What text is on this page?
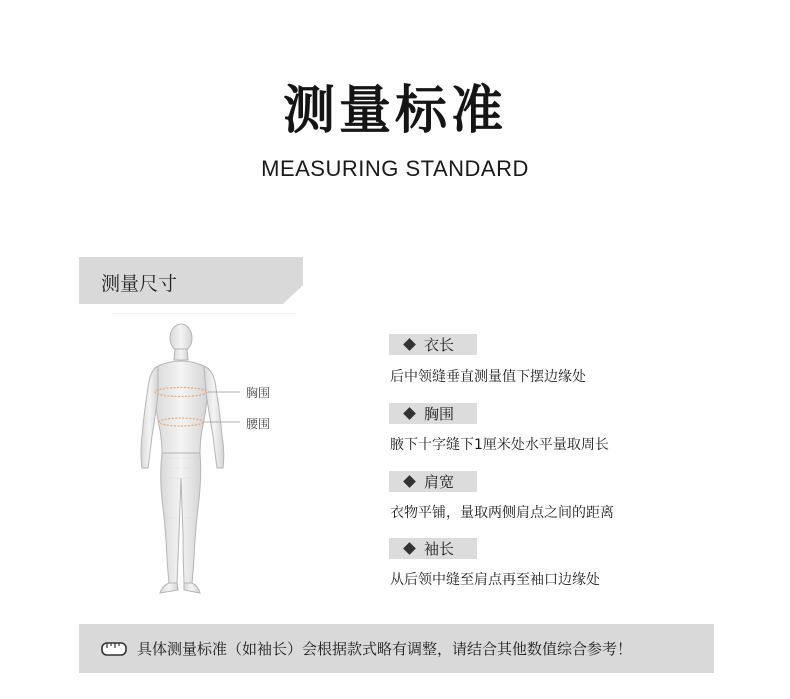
测量标准
MEASURING STANDARD
测量尺寸
胸围
腰围
衣长
后中领缝垂直测量值下摆边缘处
胸围
腋下十字缝下1厘米处水平量取周长
肩宽
衣物平铺，量取两侧肩点之间的距离
袖长
从后领中缝至肩点再至袖口边缘处
具体测量标准（如袖长）会根据款式略有调整，请结合其他数值综合参考！
